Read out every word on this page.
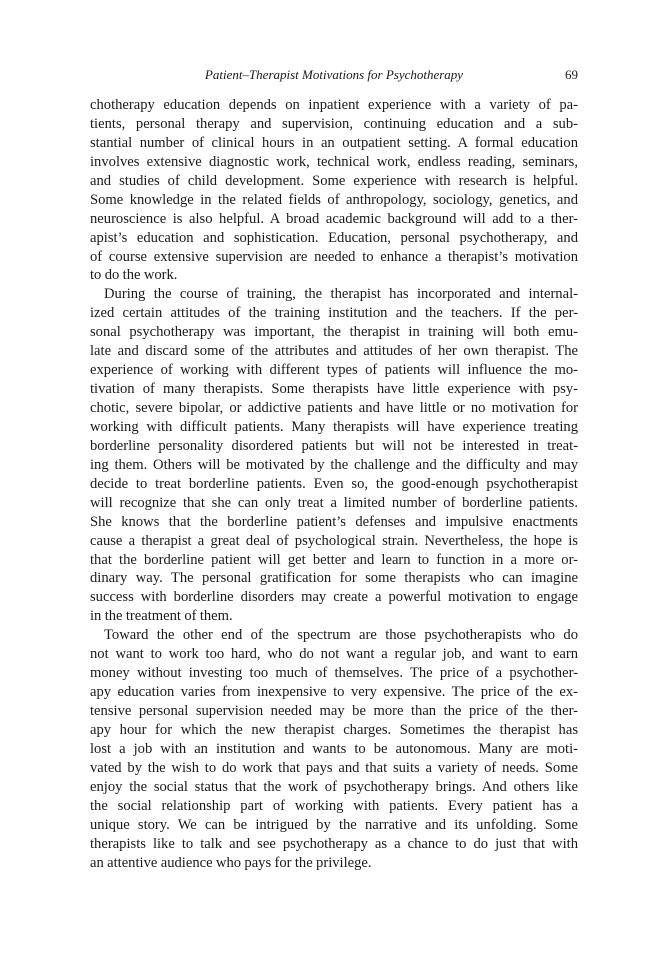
Patient–Therapist Motivations for Psychotherapy	69
chotherapy education depends on inpatient experience with a variety of pa-
tients, personal therapy and supervision, continuing education and a sub-
stantial number of clinical hours in an outpatient setting. A formal education
involves extensive diagnostic work, technical work, endless reading, seminars,
and studies of child development. Some experience with research is helpful.
Some knowledge in the related fields of anthropology, sociology, genetics, and
neuroscience is also helpful. A broad academic background will add to a ther-
apist’s education and sophistication. Education, personal psychotherapy, and
of course extensive supervision are needed to enhance a therapist’s motivation
to do the work.
During the course of training, the therapist has incorporated and internal-
ized certain attitudes of the training institution and the teachers. If the per-
sonal psychotherapy was important, the therapist in training will both emu-
late and discard some of the attributes and attitudes of her own therapist. The
experience of working with different types of patients will influence the mo-
tivation of many therapists. Some therapists have little experience with psy-
chotic, severe bipolar, or addictive patients and have little or no motivation for
working with difficult patients. Many therapists will have experience treating
borderline personality disordered patients but will not be interested in treat-
ing them. Others will be motivated by the challenge and the difficulty and may
decide to treat borderline patients. Even so, the good-enough psychotherapist
will recognize that she can only treat a limited number of borderline patients.
She knows that the borderline patient’s defenses and impulsive enactments
cause a therapist a great deal of psychological strain. Nevertheless, the hope is
that the borderline patient will get better and learn to function in a more or-
dinary way. The personal gratification for some therapists who can imagine
success with borderline disorders may create a powerful motivation to engage
in the treatment of them.
Toward the other end of the spectrum are those psychotherapists who do
not want to work too hard, who do not want a regular job, and want to earn
money without investing too much of themselves. The price of a psychother-
apy education varies from inexpensive to very expensive. The price of the ex-
tensive personal supervision needed may be more than the price of the ther-
apy hour for which the new therapist charges. Sometimes the therapist has
lost a job with an institution and wants to be autonomous. Many are moti-
vated by the wish to do work that pays and that suits a variety of needs. Some
enjoy the social status that the work of psychotherapy brings. And others like
the social relationship part of working with patients. Every patient has a
unique story. We can be intrigued by the narrative and its unfolding. Some
therapists like to talk and see psychotherapy as a chance to do just that with
an attentive audience who pays for the privilege.
